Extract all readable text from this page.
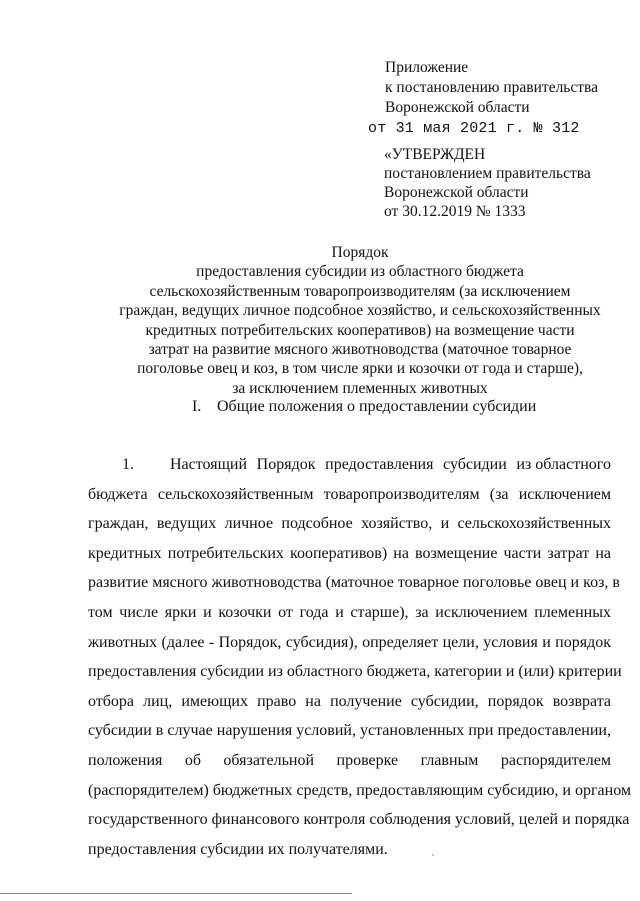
Приложение
к постановлению правительства
Воронежской области
от 31 мая 2021 г. № 312
«УТВЕРЖДЕН
постановлением правительства
Воронежской области
от 30.12.2019 № 1333
Порядок
предоставления субсидии из областного бюджета
сельскохозяйственным товаропроизводителям (за исключением
граждан, ведущих личное подсобное хозяйство, и сельскохозяйственных
кредитных потребительских кооперативов) на возмещение части
затрат на развитие мясного животноводства (маточное товарное
поголовье овец и коз, в том числе ярки и козочки от года и старше),
за исключением племенных животных
I. Общие положения о предоставлении субсидии
1.	Настоящий Порядок предоставления субсидии из областного
бюджета сельскохозяйственным товаропроизводителям (за исключением
граждан, ведущих личное подсобное хозяйство, и сельскохозяйственных
кредитных потребительских кооперативов) на возмещение части затрат на
развитие мясного животноводства (маточное товарное поголовье овец и коз, в
том числе ярки и козочки от года и старше), за исключением племенных
животных (далее - Порядок, субсидия), определяет цели, условия и порядок
предоставления субсидии из областного бюджета, категории и (или) критерии
отбора лиц, имеющих право на получение субсидии, порядок возврата
субсидии в случае нарушения условий, установленных при предоставлении,
положения об обязательной проверке главным распорядителем
(распорядителем) бюджетных средств, предоставляющим субсидию, и органом
государственного финансового контроля соблюдения условий, целей и порядка
предоставления субсидии их получателями.
